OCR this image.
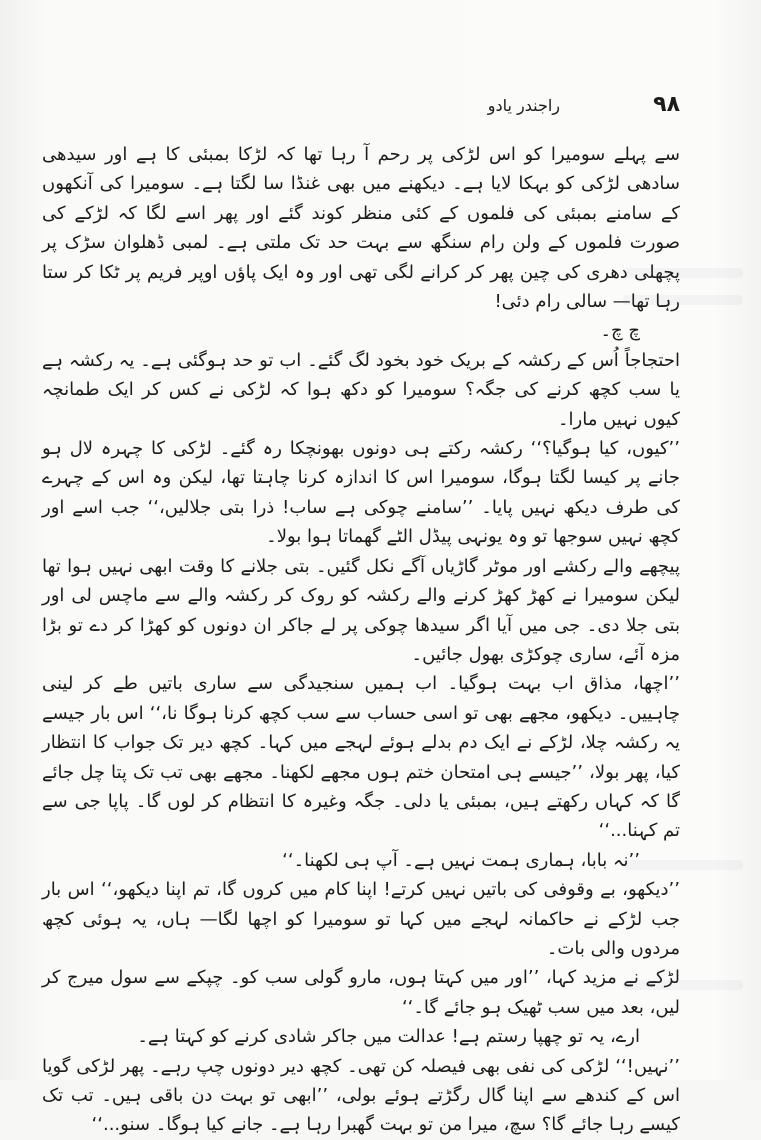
۹۸
راجندر یادو

سے پہلے سومیرا کو اس لڑکی پر رحم آ رہا تھا کہ لڑکا بمبئی کا ہے اور سیدھی سادھی لڑکی کو بہکا لایا ہے۔ دیکھنے میں بھی غنڈا سا لگتا ہے۔ سومیرا کی آنکھوں کے سامنے بمبئی کی فلموں کے کئی منظر کوند گئے اور پھر اسے لگا کہ لڑکے کی صورت فلموں کے ولن رام سنگھ سے بہت حد تک ملتی ہے۔ لمبی ڈھلوان سڑک پر پچھلی دھری کی چین پھر کر کرانے لگی تھی اور وہ ایک پاؤں اوپر فریم پر ٹکا کر ستا رہا تھا— سالی رام دئی!

چ چ۔

احتجاجاً اُس کے رکشہ کے بریک خود بخود لگ گئے۔ اب تو حد ہوگئی ہے۔ یہ رکشہ ہے یا سب کچھ کرنے کی جگہ؟ سومیرا کو دکھ ہوا کہ لڑکی نے کس کر ایک طمانچہ کیوں نہیں مارا۔

’’کیوں، کیا ہوگیا؟‘‘ رکشہ رکتے ہی دونوں بھونچکا رہ گئے۔ لڑکی کا چہرہ لال ہو جانے پر کیسا لگتا ہوگا، سومیرا اس کا اندازہ کرنا چاہتا تھا، لیکن وہ اس کے چہرے کی طرف دیکھ نہیں پایا۔ ’’سامنے چوکی ہے ساب! ذرا بتی جلالیں،‘‘ جب اسے اور کچھ نہیں سوجھا تو وہ یونہی پیڈل الٹے گھماتا ہوا بولا۔

پیچھے والے رکشے اور موٹر گاڑیاں آگے نکل گئیں۔ بتی جلانے کا وقت ابھی نہیں ہوا تھا لیکن سومیرا نے کھڑ کھڑ کرنے والے رکشہ کو روک کر رکشہ والے سے ماچس لی اور بتی جلا دی۔ جی میں آیا اگر سیدھا چوکی پر لے جاکر ان دونوں کو کھڑا کر دے تو بڑا مزہ آئے، ساری چوکڑی بھول جائیں۔

’’اچھا، مذاق اب بہت ہوگیا۔ اب ہمیں سنجیدگی سے ساری باتیں طے کر لینی چاہییں۔ دیکھو، مجھے بھی تو اسی حساب سے سب کچھ کرنا ہوگا نا،‘‘ اس بار جیسے یہ رکشہ چلا، لڑکے نے ایک دم بدلے ہوئے لہجے میں کہا۔ کچھ دیر تک جواب کا انتظار کیا، پھر بولا، ’’جیسے ہی امتحان ختم ہوں مجھے لکھنا۔ مجھے بھی تب تک پتا چل جائے گا کہ کہاں رکھتے ہیں، بمبئی یا دلی۔ جگہ وغیرہ کا انتظام کر لوں گا۔ پاپا جی سے تم کہنا...‘‘

’’نہ بابا، ہماری ہمت نہیں ہے۔ آپ ہی لکھنا۔‘‘

’’دیکھو، بے وقوفی کی باتیں نہیں کرتے! اپنا کام میں کروں گا، تم اپنا دیکھو،‘‘ اس بار جب لڑکے نے حاکمانہ لہجے میں کہا تو سومیرا کو اچھا لگا— ہاں، یہ ہوئی کچھ مردوں والی بات۔

لڑکے نے مزید کہا، ’’اور میں کہتا ہوں، مارو گولی سب کو۔ چپکے سے سول میرج کر لیں، بعد میں سب ٹھیک ہو جائے گا۔‘‘

ارے، یہ تو چھپا رستم ہے! عدالت میں جاکر شادی کرنے کو کہتا ہے۔

’’نہیں!‘‘ لڑکی کی نفی بھی فیصلہ کن تھی۔ کچھ دیر دونوں چپ رہے۔ پھر لڑکی گویا اس کے کندھے سے اپنا گال رگڑتے ہوئے بولی، ’’ابھی تو بہت دن باقی ہیں۔ تب تک کیسے رہا جائے گا؟ سچ، میرا من تو بہت گھبرا رہا ہے۔ جانے کیا ہوگا۔ سنو...‘‘
